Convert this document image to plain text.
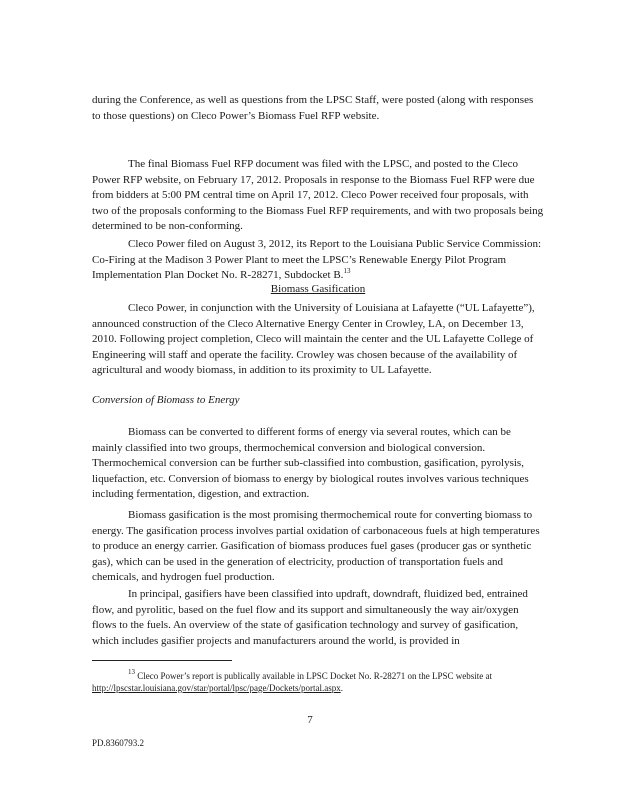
during the Conference, as well as questions from the LPSC Staff, were posted (along with responses to those questions) on Cleco Power’s Biomass Fuel RFP website.

The final Biomass Fuel RFP document was filed with the LPSC, and posted to the Cleco Power RFP website, on February 17, 2012. Proposals in response to the Biomass Fuel RFP were due from bidders at 5:00 PM central time on April 17, 2012. Cleco Power received four proposals, with two of the proposals conforming to the Biomass Fuel RFP requirements, and with two proposals being determined to be non-conforming.

Cleco Power filed on August 3, 2012, its Report to the Louisiana Public Service Commission: Co-Firing at the Madison 3 Power Plant to meet the LPSC’s Renewable Energy Pilot Program Implementation Plan Docket No. R-28271, Subdocket B.$^{13}$

Biomass Gasification

Cleco Power, in conjunction with the University of Louisiana at Lafayette (“UL Lafayette”), announced construction of the Cleco Alternative Energy Center in Crowley, LA, on December 13, 2010. Following project completion, Cleco will maintain the center and the UL Lafayette College of Engineering will staff and operate the facility. Crowley was chosen because of the availability of agricultural and woody biomass, in addition to its proximity to UL Lafayette.

Conversion of Biomass to Energy

Biomass can be converted to different forms of energy via several routes, which can be mainly classified into two groups, thermochemical conversion and biological conversion. Thermochemical conversion can be further sub-classified into combustion, gasification, pyrolysis, liquefaction, etc. Conversion of biomass to energy by biological routes involves various techniques including fermentation, digestion, and extraction.

Biomass gasification is the most promising thermochemical route for converting biomass to energy. The gasification process involves partial oxidation of carbonaceous fuels at high temperatures to produce an energy carrier. Gasification of biomass produces fuel gases (producer gas or synthetic gas), which can be used in the generation of electricity, production of transportation fuels and chemicals, and hydrogen fuel production.

In principal, gasifiers have been classified into updraft, downdraft, fluidized bed, entrained flow, and pyrolitic, based on the fuel flow and its support and simultaneously the way air/oxygen flows to the fuels. An overview of the state of gasification technology and survey of gasification, which includes gasifier projects and manufacturers around the world, is provided in

$^{13}$ Cleco Power’s report is publically available in LPSC Docket No. R-28271 on the LPSC website at http://lpscstar.louisiana.gov/star/portal/lpsc/page/Dockets/portal.aspx.

7
PD.8360793.2
